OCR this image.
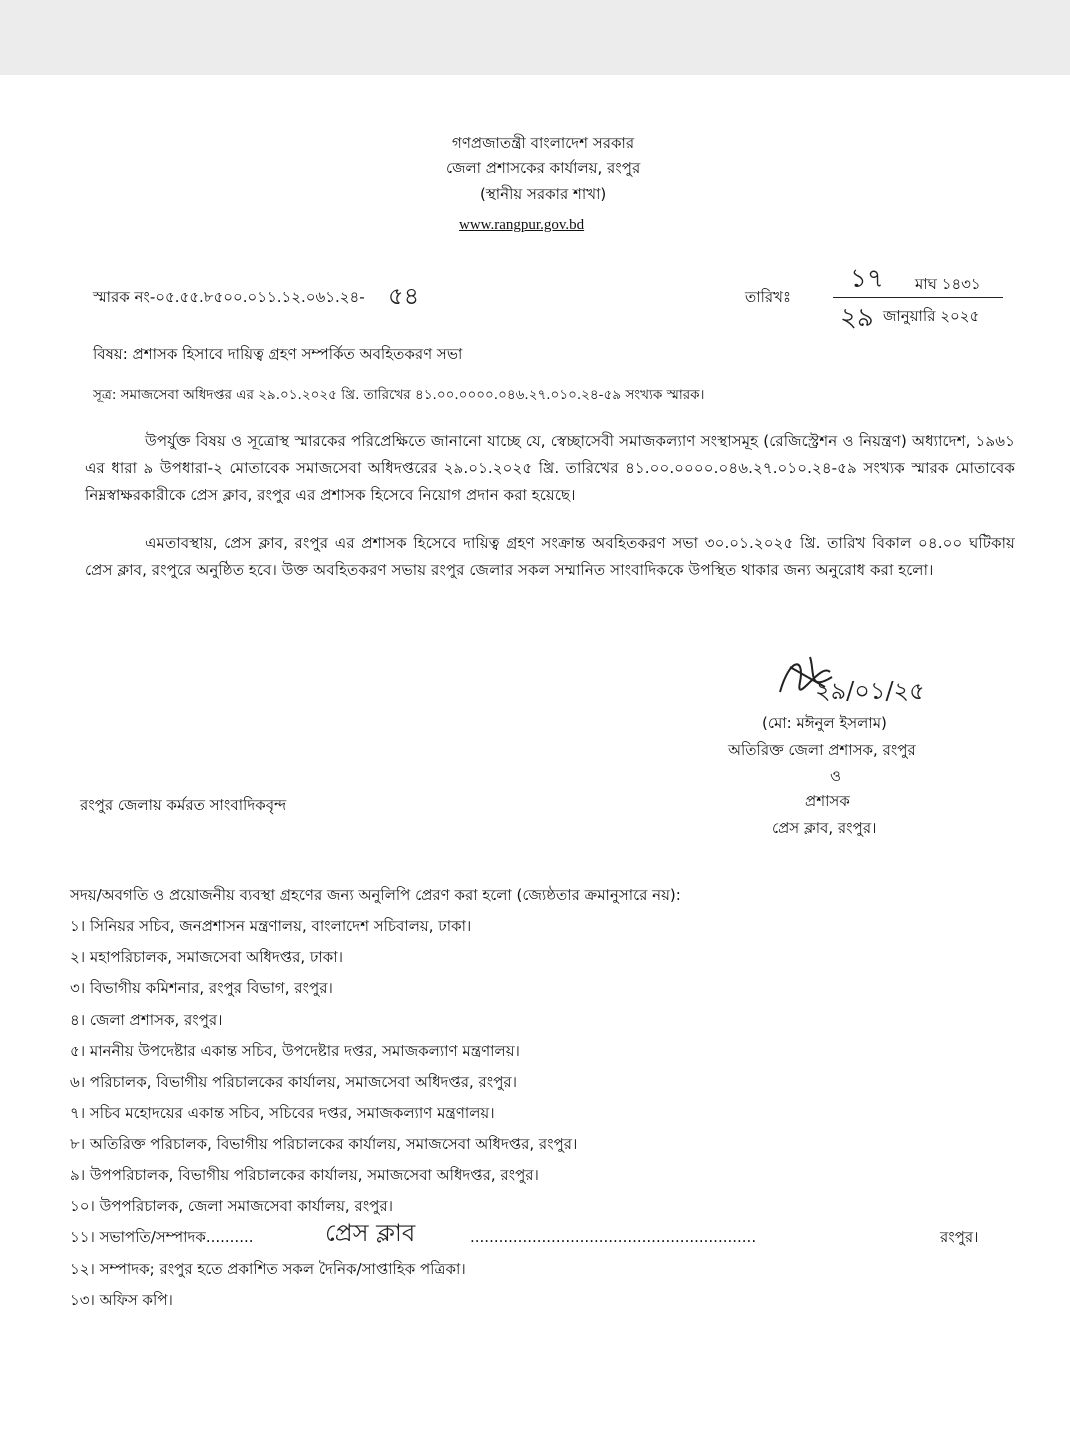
গণপ্রজাতন্ত্রী বাংলাদেশ সরকার
জেলা প্রশাসকের কার্যালয়, রংপুর
(স্থানীয় সরকার শাখা)
www.rangpur.gov.bd
স্মারক নং-০৫.৫৫.৮৫০০.০১১.১২.০৬১.২৪- ৫৪	তারিখঃ
১৭ মাঘ ১৪৩১
২৯ জানুয়ারি ২০২৫
বিষয়: প্রশাসক হিসাবে দায়িত্ব গ্রহণ সম্পর্কিত অবহিতকরণ সভা
সূত্র: সমাজসেবা অধিদপ্তর এর ২৯.০১.২০২৫ খ্রি. তারিখের ৪১.০০.০০০০.০৪৬.২৭.০১০.২৪-৫৯ সংখ্যক স্মারক।
উপর্যুক্ত বিষয় ও সূত্রোস্থ স্মারকের পরিপ্রেক্ষিতে জানানো যাচ্ছে যে, স্বেচ্ছাসেবী সমাজকল্যাণ সংস্থাসমূহ (রেজিস্ট্রেশন ও নিয়ন্ত্রণ) অধ্যাদেশ, ১৯৬১ এর ধারা ৯ উপধারা-২ মোতাবেক সমাজসেবা অধিদপ্তরের ২৯.০১.২০২৫ খ্রি. তারিখের ৪১.০০.০০০০.০৪৬.২৭.০১০.২৪-৫৯ সংখ্যক স্মারক মোতাবেক নিম্নস্বাক্ষরকারীকে প্রেস ক্লাব, রংপুর এর প্রশাসক হিসেবে নিয়োগ প্রদান করা হয়েছে।
এমতাবস্থায়, প্রেস ক্লাব, রংপুর এর প্রশাসক হিসেবে দায়িত্ব গ্রহণ সংক্রান্ত অবহিতকরণ সভা ৩০.০১.২০২৫ খ্রি. তারিখ বিকাল ০৪.০০ ঘটিকায় প্রেস ক্লাব, রংপুরে অনুষ্ঠিত হবে। উক্ত অবহিতকরণ সভায় রংপুর জেলার সকল সম্মানিত সাংবাদিককে উপস্থিত থাকার জন্য অনুরোধ করা হলো।
২৯/০১/২৫
(মো: মঈনুল ইসলাম)
অতিরিক্ত জেলা প্রশাসক, রংপুর
ও
প্রশাসক
প্রেস ক্লাব, রংপুর।
রংপুর জেলায় কর্মরত সাংবাদিকবৃন্দ
সদয়/অবগতি ও প্রয়োজনীয় ব্যবস্থা গ্রহণের জন্য অনুলিপি প্রেরণ করা হলো (জ্যেষ্ঠতার ক্রমানুসারে নয়):
১। সিনিয়র সচিব, জনপ্রশাসন মন্ত্রণালয়, বাংলাদেশ সচিবালয়, ঢাকা।
২। মহাপরিচালক, সমাজসেবা অধিদপ্তর, ঢাকা।
৩। বিভাগীয় কমিশনার, রংপুর বিভাগ, রংপুর।
৪। জেলা প্রশাসক, রংপুর।
৫। মাননীয় উপদেষ্টার একান্ত সচিব, উপদেষ্টার দপ্তর, সমাজকল্যাণ মন্ত্রণালয়।
৬। পরিচালক, বিভাগীয় পরিচালকের কার্যালয়, সমাজসেবা অধিদপ্তর, রংপুর।
৭। সচিব মহোদয়ের একান্ত সচিব, সচিবের দপ্তর, সমাজকল্যাণ মন্ত্রণালয়।
৮। অতিরিক্ত পরিচালক, বিভাগীয় পরিচালকের কার্যালয়, সমাজসেবা অধিদপ্তর, রংপুর।
৯। উপপরিচালক, বিভাগীয় পরিচালকের কার্যালয়, সমাজসেবা অধিদপ্তর, রংপুর।
১০। উপপরিচালক, জেলা সমাজসেবা কার্যালয়, রংপুর।
১১। সভাপতি/সম্পাদক..........	প্রেস ক্লাব	............................................................	রংপুর।
১২। সম্পাদক; রংপুর হতে প্রকাশিত সকল দৈনিক/সাপ্তাহিক পত্রিকা।
১৩। অফিস কপি।
